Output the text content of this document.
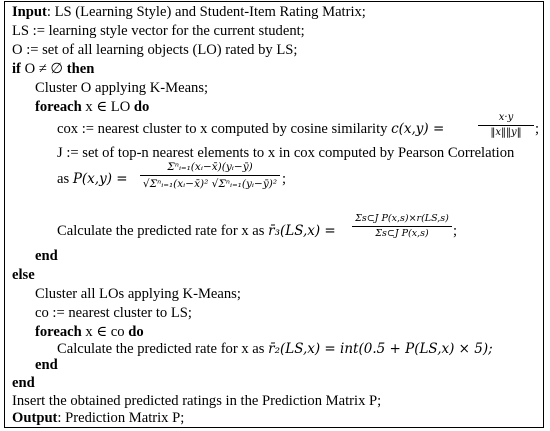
Input: LS (Learning Style) and Student-Item Rating Matrix;
LS := learning style vector for the current student;
O := set of all learning objects (LO) rated by LS;
if O ≠ ∅ then
Cluster O applying K-Means;
foreach x ∈ LO do
cox := nearest cluster to x computed by cosine similarity c(x,y) =
x·y
‖x‖‖y‖ ;
J := set of top-n nearest elements to x in cox computed by Pearson Correlation
as P(x,y) =
Σⁿᵢ₌₁(xᵢ−x̄)(yᵢ−ȳ)
√Σⁿᵢ₌₁(xᵢ−x̄)² √Σⁿᵢ₌₁(yᵢ−ȳ)² ;
Calculate the predicted rate for x as r̄₃(LS,x) =
Σs⊂J P(x,s)×r(LS,s)
Σs⊂J P(x,s)	;
end
else
Cluster all LOs applying K-Means;
co := nearest cluster to LS;
foreach x ∈ co do
Calculate the predicted rate for x as r̄₂(LS,x) = int(0.5 + P(LS,x) × 5);
end
end
Insert the obtained predicted ratings in the Prediction Matrix P;
Output: Prediction Matrix P;
